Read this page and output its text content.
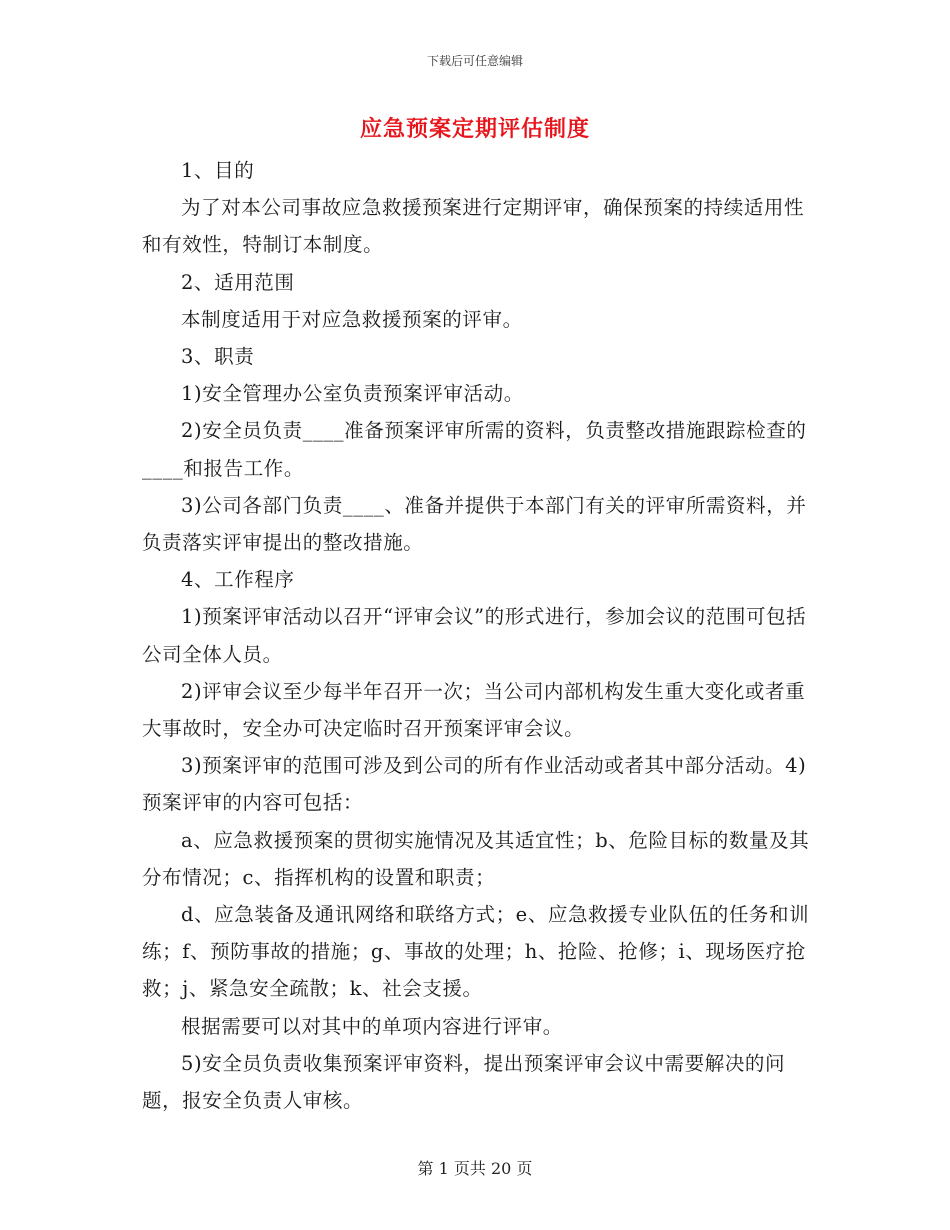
下载后可任意编辑
应急预案定期评估制度

1、目的

为了对本公司事故应急救援预案进行定期评审，确保预案的持续适用性和有效性，特制订本制度。

2、适用范围

本制度适用于对应急救援预案的评审。

3、职责

1)安全管理办公室负责预案评审活动。

2)安全员负责____准备预案评审所需的资料，负责整改措施跟踪检查的____和报告工作。

3)公司各部门负责____、准备并提供于本部门有关的评审所需资料，并负责落实评审提出的整改措施。

4、工作程序

1)预案评审活动以召开“评审会议”的形式进行，参加会议的范围可包括公司全体人员。

2)评审会议至少每半年召开一次；当公司内部机构发生重大变化或者重大事故时，安全办可决定临时召开预案评审会议。

3)预案评审的范围可涉及到公司的所有作业活动或者其中部分活动。4)预案评审的内容可包括：

a、应急救援预案的贯彻实施情况及其适宜性；b、危险目标的数量及其分布情况；c、指挥机构的设置和职责；

d、应急装备及通讯网络和联络方式；e、应急救援专业队伍的任务和训练；f、预防事故的措施；g、事故的处理；h、抢险、抢修；i、现场医疗抢救；j、紧急安全疏散；k、社会支援。

根据需要可以对其中的单项内容进行评审。

5)安全员负责收集预案评审资料，提出预案评审会议中需要解决的问题，报安全负责人审核。

第 1 页共 20 页
